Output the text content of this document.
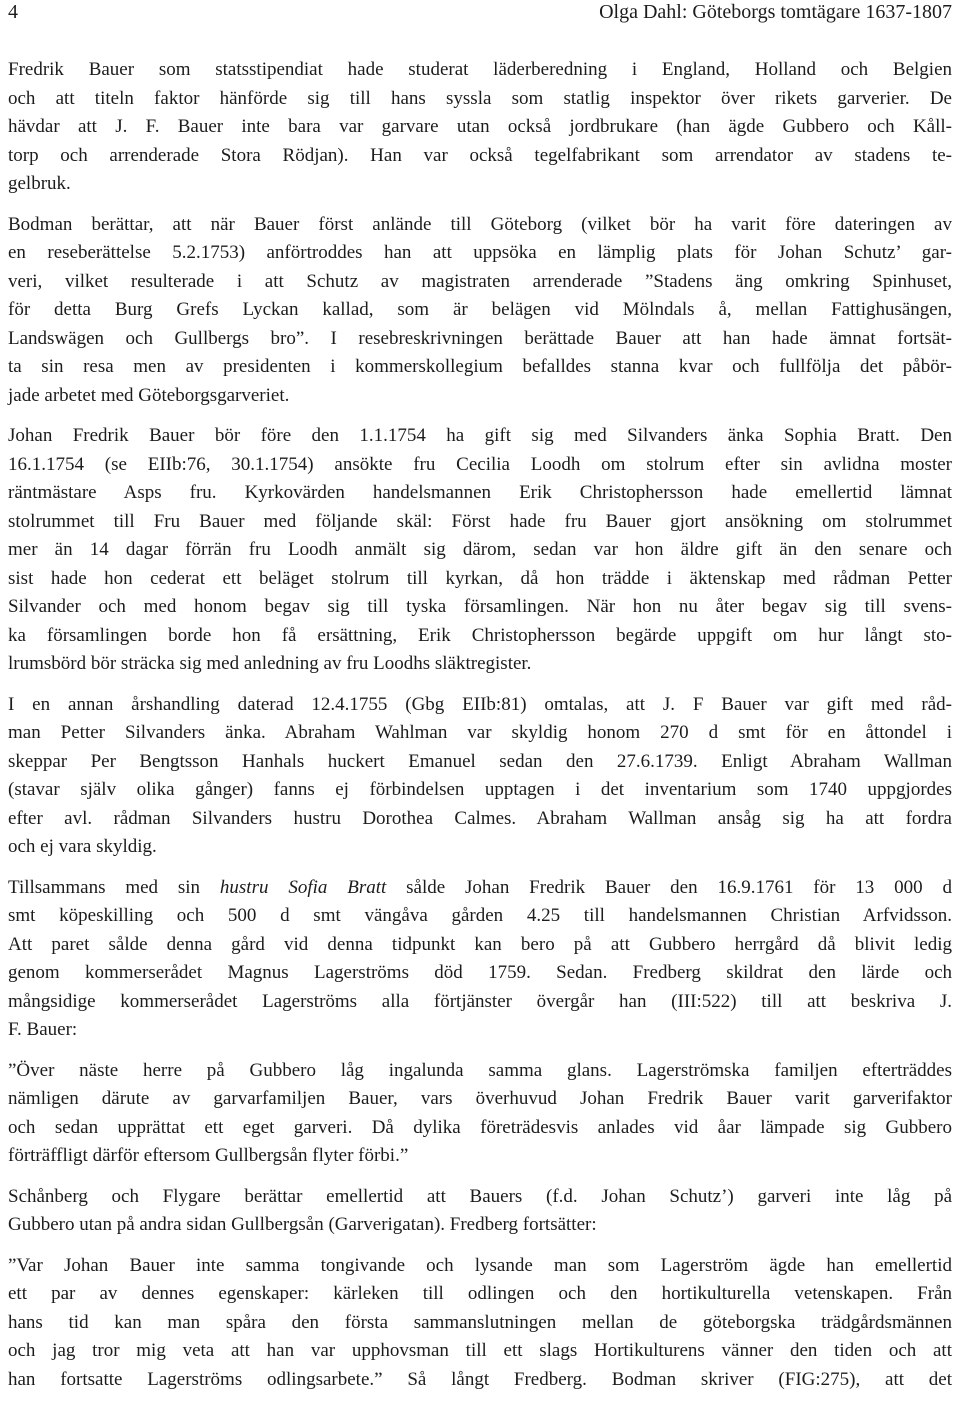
4	Olga Dahl: Göteborgs tomtägare 1637-1807
Fredrik Bauer som statsstipendiat hade studerat läderberedning i England, Holland och Belgien
och att titeln faktor hänförde sig till hans syssla som statlig inspektor över rikets garverier. De
hävdar att J. F. Bauer inte bara var garvare utan också jordbrukare (han ägde Gubbero och Kåll-
torp och arrenderade Stora Rödjan). Han var också tegelfabrikant som arrendator av stadens te-
gelbruk.
Bodman berättar, att när Bauer först anlände till Göteborg (vilket bör ha varit före dateringen av
en reseberättelse 5.2.1753) anförtroddes han att uppsöka en lämplig plats för Johan Schutz’ gar-
veri, vilket resulterade i att Schutz av magistraten arrenderade ”Stadens äng omkring Spinhuset,
för detta Burg Grefs Lyckan kallad, som är belägen vid Mölndals å, mellan Fattighusängen,
Landswägen och Gullbergs bro”. I resebreskrivningen berättade Bauer att han hade ämnat fortsät-
ta sin resa men av presidenten i kommerskollegium befalldes stanna kvar och fullfölja det påbör-
jade arbetet med Göteborgsgarveriet.
Johan Fredrik Bauer bör före den 1.1.1754 ha gift sig med Silvanders änka Sophia Bratt. Den
16.1.1754 (se EIIb:76, 30.1.1754) ansökte fru Cecilia Loodh om stolrum efter sin avlidna moster
räntmästare Asps fru. Kyrkovärden handelsmannen Erik Christophersson hade emellertid lämnat
stolrummet till Fru Bauer med följande skäl: Först hade fru Bauer gjort ansökning om stolrummet
mer än 14 dagar förrän fru Loodh anmält sig därom, sedan var hon äldre gift än den senare och
sist hade hon cederat ett beläget stolrum till kyrkan, då hon trädde i äktenskap med rådman Petter
Silvander och med honom begav sig till tyska församlingen. När hon nu åter begav sig till svens-
ka församlingen borde hon få ersättning, Erik Christophersson begärde uppgift om hur långt sto-
lrumsbörd bör sträcka sig med anledning av fru Loodhs släktregister.
I en annan årshandling daterad 12.4.1755 (Gbg EIIb:81) omtalas, att J. F Bauer var gift med råd-
man Petter Silvanders änka. Abraham Wahlman var skyldig honom 270 d smt för en åttondel i
skeppar Per Bengtsson Hanhals huckert Emanuel sedan den 27.6.1739. Enligt Abraham Wallman
(stavar själv olika gånger) fanns ej förbindelsen upptagen i det inventarium som 1740 uppgjordes
efter avl. rådman Silvanders hustru Dorothea Calmes. Abraham Wallman ansåg sig ha att fordra
och ej vara skyldig.
Tillsammans med sin hustru Sofia Bratt sålde Johan Fredrik Bauer den 16.9.1761 för 13 000 d
smt köpeskilling och 500 d smt vängåva gården 4.25 till handelsmannen Christian Arfvidsson.
Att paret sålde denna gård vid denna tidpunkt kan bero på att Gubbero herrgård då blivit ledig
genom kommerserådet Magnus Lagerströms död 1759. Sedan. Fredberg skildrat den lärde och
mångsidige kommerserådet Lagerströms alla förtjänster övergår han (III:522) till att beskriva J.
F. Bauer:
”Över näste herre på Gubbero låg ingalunda samma glans. Lagerströmska familjen efterträddes
nämligen därute av garvarfamiljen Bauer, vars överhuvud Johan Fredrik Bauer varit garverifaktor
och sedan upprättat ett eget garveri. Då dylika företrädesvis anlades vid åar lämpade sig Gubbero
förträffligt därför eftersom Gullbergsån flyter förbi.”
Schånberg och Flygare berättar emellertid att Bauers (f.d. Johan Schutz’) garveri inte låg på
Gubbero utan på andra sidan Gullbergsån (Garverigatan). Fredberg fortsätter:
”Var Johan Bauer inte samma tongivande och lysande man som Lagerström ägde han emellertid
ett par av dennes egenskaper: kärleken till odlingen och den hortikulturella vetenskapen. Från
hans tid kan man spåra den första sammanslutningen mellan de göteborgska trädgårdsmännen
och jag tror mig veta att han var upphovsman till ett slags Hortikulturens vänner den tiden och att
han fortsatte Lagerströms odlingsarbete.” Så långt Fredberg. Bodman skriver (FIG:275), att det
